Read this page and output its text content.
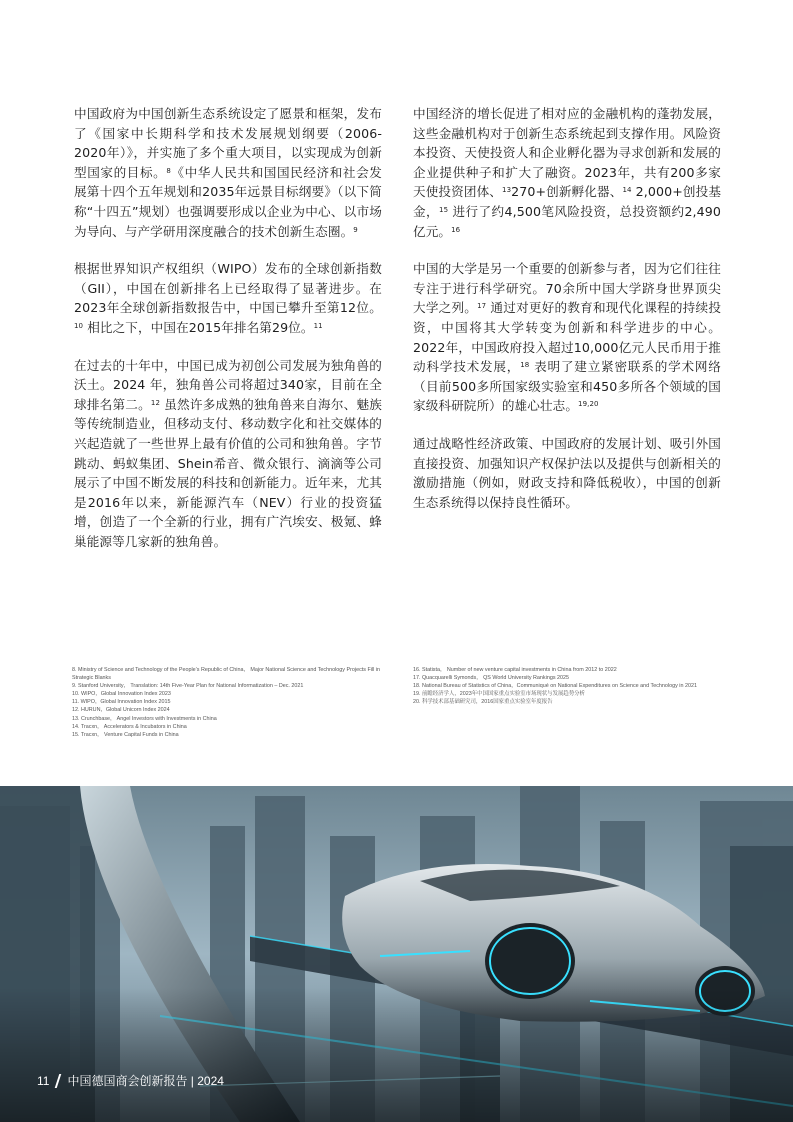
中国政府为中国创新生态系统设定了愿景和框架，发布了《国家中长期科学和技术发展规划纲要（2006-2020年）》，并实施了多个重大项目，以实现成为创新型国家的目标。$^8$《中华人民共和国国民经济和社会发展第十四个五年规划和2035年远景目标纲要》（以下简称“十四五”规划）也强调要形成以企业为中心、以市场为导向、与产学研用深度融合的技术创新生态圈。$^9$

根据世界知识产权组织（WIPO）发布的全球创新指数（GII），中国在创新排名上已经取得了显著进步。在2023年全球创新指数报告中，中国已攀升至第12位。$^{10}$ 相比之下，中国在2015年排名第29位。$^{11}$

在过去的十年中，中国已成为初创公司发展为独角兽的沃土。2024 年，独角兽公司将超过340家，目前在全球排名第二。$^{12}$ 虽然许多成熟的独角兽来自海尔、魅族等传统制造业，但移动支付、移动数字化和社交媒体的兴起造就了一些世界上最有价值的公司和独角兽。字节跳动、蚂蚁集团、Shein希音、微众银行、滴滴等公司展示了中国不断发展的科技和创新能力。近年来，尤其是2016年以来，新能源汽车（NEV）行业的投资猛增，创造了一个全新的行业，拥有广汽埃安、极氪、蜂巢能源等几家新的独角兽。

中国经济的增长促进了相对应的金融机构的蓬勃发展，这些金融机构对于创新生态系统起到支撑作用。风险资本投资、天使投资人和企业孵化器为寻求创新和发展的企业提供种子和扩大了融资。2023年，共有200多家天使投资团体、$^{13}$270+创新孵化器、$^{14}$ 2,000+创投基金，$^{15}$ 进行了约4,500笔风险投资，总投资额约2,490亿元。$^{16}$

中国的大学是另一个重要的创新参与者，因为它们往往专注于进行科学研究。70余所中国大学跻身世界顶尖大学之列。$^{17}$ 通过对更好的教育和现代化课程的持续投资，中国将其大学转变为创新和科学进步的中心。2022年，中国政府投入超过10,000亿元人民币用于推动科学技术发展，$^{18}$ 表明了建立紧密联系的学术网络（目前500多所国家级实验室和450多所各个领域的国家级科研院所）的雄心壮志。$^{19,20}$

通过战略性经济政策、中国政府的发展计划、吸引外国直接投资、加强知识产权保护法以及提供与创新相关的激励措施（例如，财政支持和降低税收），中国的创新生态系统得以保持良性循环。

8. Ministry of Science and Technology of the People’s Republic of China， Major National Science and Technology Projects Fill in Strategic Blanks

9. Stanford University， Translation: 14th Five-Year Plan for National Informatization – Dec. 2021

10. WIPO，Global Innovation Index 2023

11. WIPO，Global Innovation Index 2015

12. HURUN，Global Unicorn Index 2024

13. Crunchbase， Angel Investors with Investments in China

14. Tracxn， Accelerators & Incubators in China

15. Tracxn， Venture Capital Funds in China

16. Statista， Number of new venture capital investments in China from 2012 to 2022

17. Quacquarelli Symonds， QS World University Rankings 2025

18. National Bureau of Statistics of China，Communiqué on National Expenditures on Science and Technology in 2021

19. 前瞻经济学人，2023年中国国家重点实验室市场现状与发展趋势分析

20. 科学技术部基础研究司，2016国家重点实验室年度报告

11 中国德国商会创新报告 | 2024
